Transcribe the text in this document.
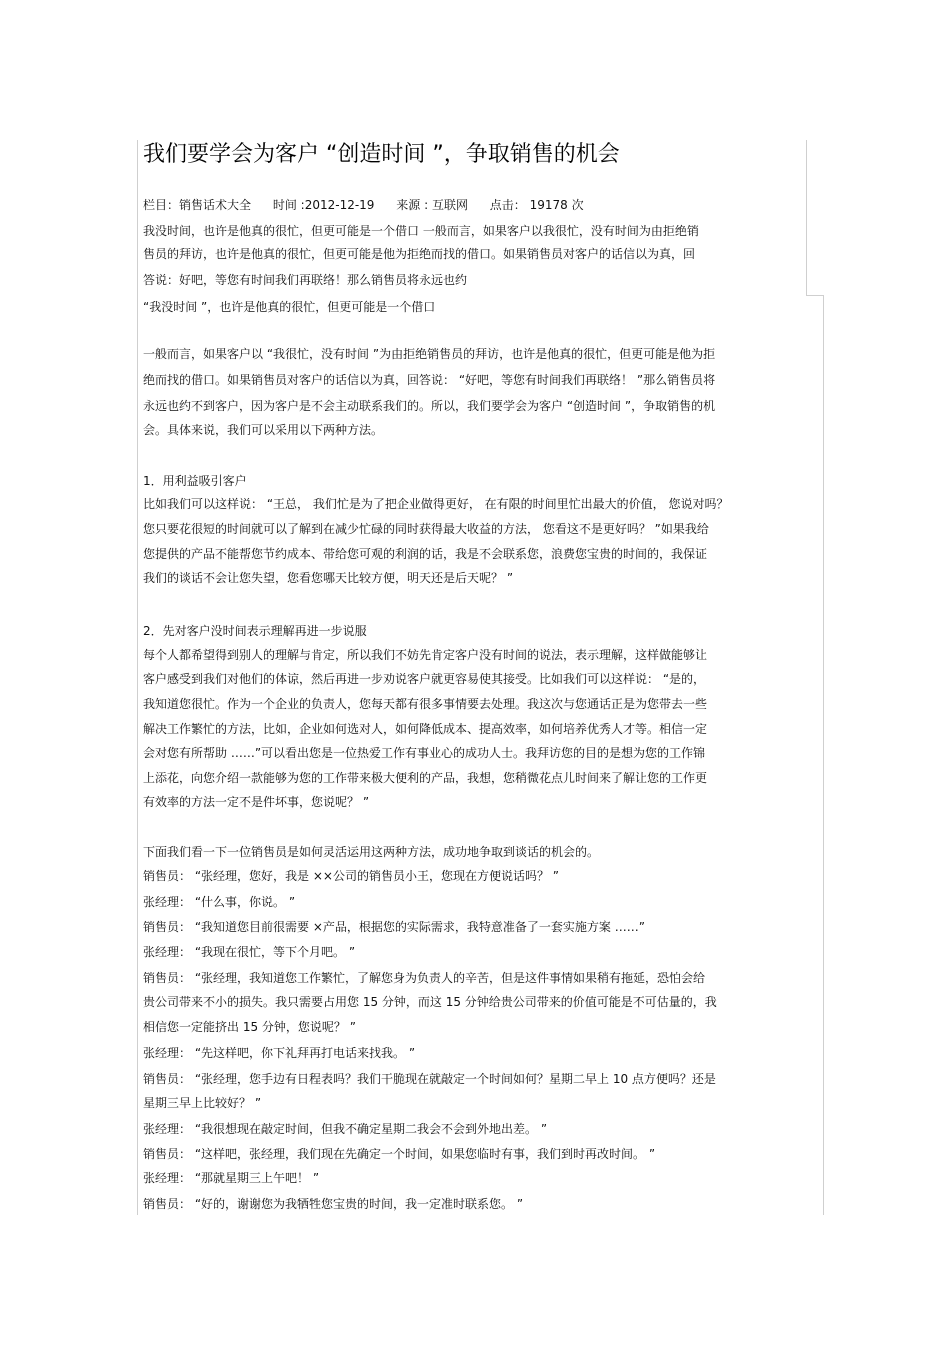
我们要学会为客户 “创造时间 ”，争取销售的机会
栏目：销售话术大全 时间 :2012-12-19 来源 : 互联网 点击： 19178 次
我没时间，也许是他真的很忙，但更可能是一个借口 一般而言，如果客户以我很忙，没有时间为由拒绝销
售员的拜访，也许是他真的很忙，但更可能是他为拒绝而找的借口。如果销售员对客户的话信以为真，回
答说：好吧，等您有时间我们再联络！那么销售员将永远也约
“我没时间 ”，也许是他真的很忙，但更可能是一个借口
一般而言，如果客户以 “我很忙，没有时间 ”为由拒绝销售员的拜访，也许是他真的很忙，但更可能是他为拒
绝而找的借口。如果销售员对客户的话信以为真，回答说： “好吧，等您有时间我们再联络！ ”那么销售员将
永远也约不到客户，因为客户是不会主动联系我们的。所以，我们要学会为客户 “创造时间 ”，争取销售的机
会。具体来说，我们可以采用以下两种方法。
1．用利益吸引客户
比如我们可以这样说： “王总， 我们忙是为了把企业做得更好， 在有限的时间里忙出最大的价值， 您说对吗？
您只要花很短的时间就可以了解到在减少忙碌的同时获得最大收益的方法， 您看这不是更好吗？ ”如果我给
您提供的产品不能帮您节约成本、带给您可观的利润的话，我是不会联系您，浪费您宝贵的时间的，我保证
我们的谈话不会让您失望，您看您哪天比较方便，明天还是后天呢？ ”
2．先对客户没时间表示理解再进一步说服
每个人都希望得到别人的理解与肯定，所以我们不妨先肯定客户没有时间的说法，表示理解，这样做能够让
客户感受到我们对他们的体谅，然后再进一步劝说客户就更容易使其接受。比如我们可以这样说： “是的，
我知道您很忙。作为一个企业的负责人，您每天都有很多事情要去处理。我这次与您通话正是为您带去一些
解决工作繁忙的方法，比如，企业如何选对人，如何降低成本、提高效率，如何培养优秀人才等。相信一定
会对您有所帮助 ……”可以看出您是一位热爱工作有事业心的成功人士。我拜访您的目的是想为您的工作锦
上添花，向您介绍一款能够为您的工作带来极大便利的产品，我想，您稍微花点儿时间来了解让您的工作更
有效率的方法一定不是件坏事，您说呢？ ”
下面我们看一下一位销售员是如何灵活运用这两种方法，成功地争取到谈话的机会的。
销售员： “张经理，您好，我是 ××公司的销售员小王，您现在方便说话吗？ ”
张经理： “什么事，你说。 ”
销售员： “我知道您目前很需要 ×产品，根据您的实际需求，我特意准备了一套实施方案 ……”
张经理： “我现在很忙，等下个月吧。 ”
销售员： “张经理，我知道您工作繁忙，了解您身为负责人的辛苦，但是这件事情如果稍有拖延，恐怕会给
贵公司带来不小的损失。我只需要占用您 15 分钟，而这 15 分钟给贵公司带来的价值可能是不可估量的，我
相信您一定能挤出 15 分钟，您说呢？ ”
张经理： “先这样吧，你下礼拜再打电话来找我。 ”
销售员： “张经理，您手边有日程表吗？我们干脆现在就敲定一个时间如何？星期二早上 10 点方便吗？还是
星期三早上比较好？ ”
张经理： “我很想现在敲定时间，但我不确定星期二我会不会到外地出差。 ”
销售员： “这样吧，张经理，我们现在先确定一个时间，如果您临时有事，我们到时再改时间。 ”
张经理： “那就星期三上午吧！ ”
销售员： “好的，谢谢您为我牺牲您宝贵的时间，我一定准时联系您。 ”
